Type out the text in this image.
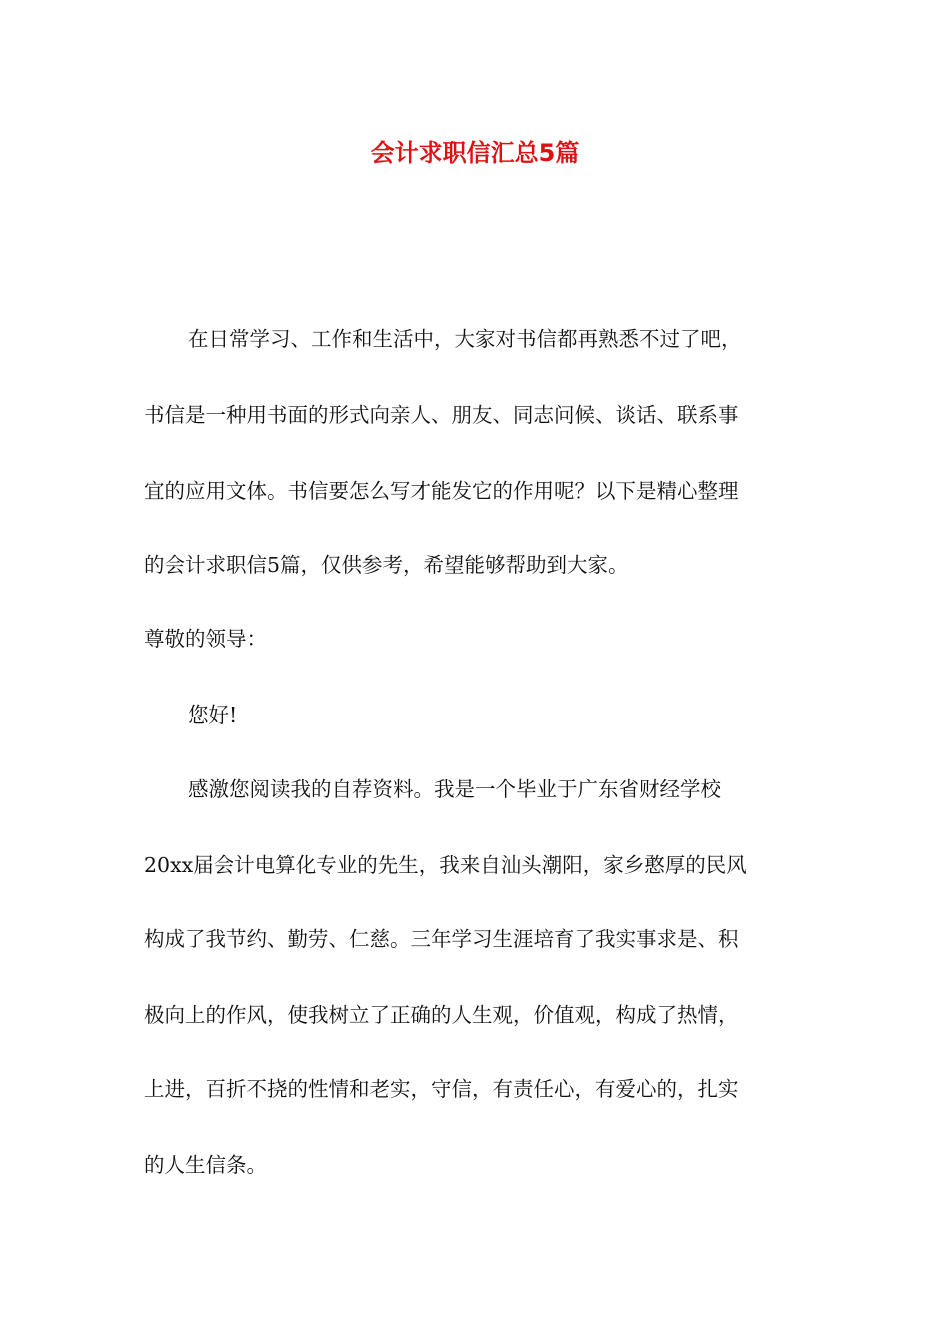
会计求职信汇总5篇
在日常学习、工作和生活中，大家对书信都再熟悉不过了吧，
书信是一种用书面的形式向亲人、朋友、同志问候、谈话、联系事
宜的应用文体。书信要怎么写才能发它的作用呢？以下是精心整理
的会计求职信5篇，仅供参考，希望能够帮助到大家。
尊敬的领导：
您好!
感激您阅读我的自荐资料。我是一个毕业于广东省财经学校
20xx届会计电算化专业的先生，我来自汕头潮阳，家乡憨厚的民风
构成了我节约、勤劳、仁慈。三年学习生涯培育了我实事求是、积
极向上的作风，使我树立了正确的人生观，价值观，构成了热情，
上进，百折不挠的性情和老实，守信，有责任心，有爱心的，扎实
的人生信条。
